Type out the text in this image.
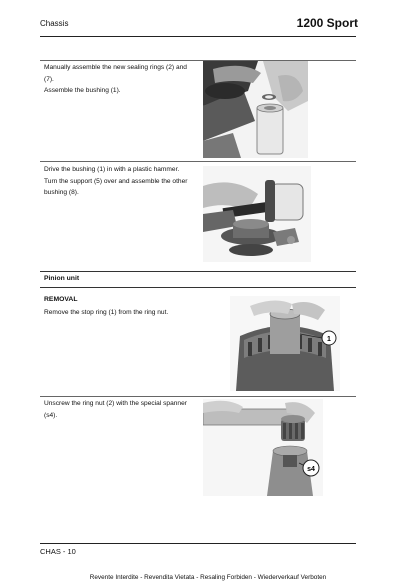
Chassis	1200 Sport
Manually assemble the new sealing rings (2) and
(7).
Assemble the bushing (1).
Drive the bushing (1) in with a plastic hammer.
Turn the support (5) over and assemble the other
bushing (8).
Pinion unit
REMOVAL
Remove the stop ring (1) from the ring nut.
1
Unscrew the ring nut (2) with the special spanner
(s4).
s4
CHAS - 10
Revente Interdite - Revendita Vietata - Resaling Forbiden - Wiederverkauf Verboten
